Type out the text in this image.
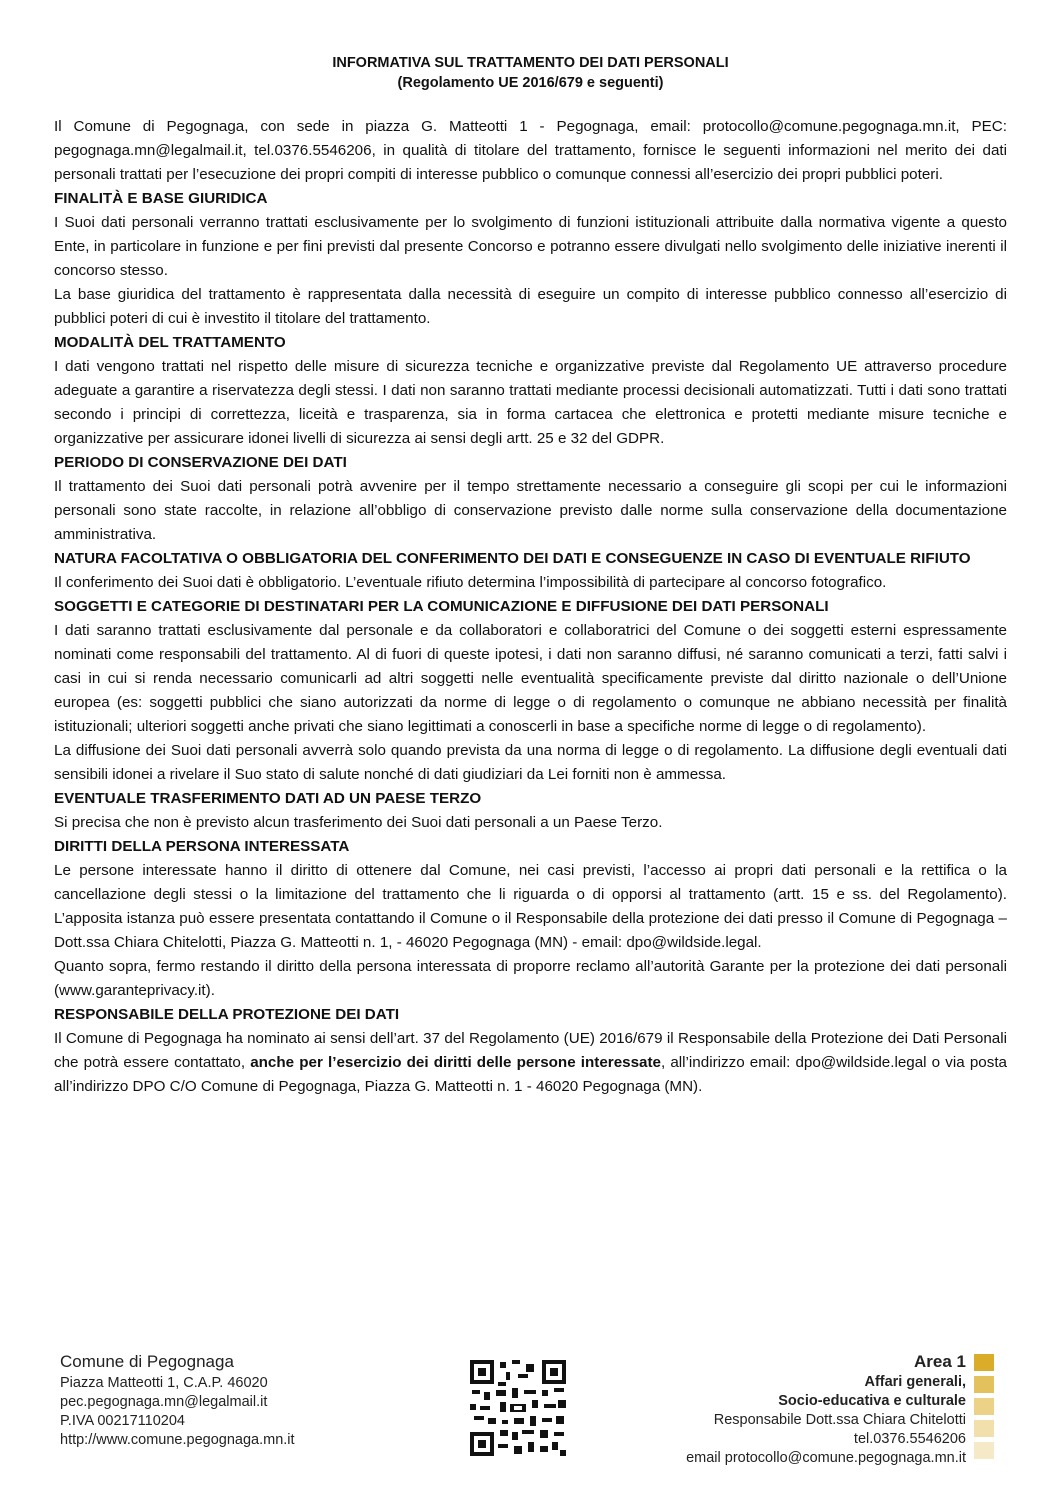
INFORMATIVA SUL TRATTAMENTO DEI DATI PERSONALI
(Regolamento UE 2016/679 e seguenti)

Il Comune di Pegognaga, con sede in piazza G. Matteotti 1 - Pegognaga, email: protocollo@comune.pegognaga.mn.it, PEC: pegognaga.mn@legalmail.it, tel.0376.5546206, in qualità di titolare del trattamento, fornisce le seguenti informazioni nel merito dei dati personali trattati per l’esecuzione dei propri compiti di interesse pubblico o comunque connessi all’esercizio dei propri pubblici poteri.

FINALITÀ E BASE GIURIDICA

I Suoi dati personali verranno trattati esclusivamente per lo svolgimento di funzioni istituzionali attribuite dalla normativa vigente a questo Ente, in particolare in funzione e per fini previsti dal presente Concorso e potranno essere divulgati nello svolgimento delle iniziative inerenti il concorso stesso.

La base giuridica del trattamento è rappresentata dalla necessità di eseguire un compito di interesse pubblico connesso all’esercizio di pubblici poteri di cui è investito il titolare del trattamento.

MODALITÀ DEL TRATTAMENTO

I dati vengono trattati nel rispetto delle misure di sicurezza tecniche e organizzative previste dal Regolamento UE attraverso procedure adeguate a garantire a riservatezza degli stessi. I dati non saranno trattati mediante processi decisionali automatizzati. Tutti i dati sono trattati secondo i principi di correttezza, liceità e trasparenza, sia in forma cartacea che elettronica e protetti mediante misure tecniche e organizzative per assicurare idonei livelli di sicurezza ai sensi degli artt. 25 e 32 del GDPR.

PERIODO DI CONSERVAZIONE DEI DATI

Il trattamento dei Suoi dati personali potrà avvenire per il tempo strettamente necessario a conseguire gli scopi per cui le informazioni personali sono state raccolte, in relazione all’obbligo di conservazione previsto dalle norme sulla conservazione della documentazione amministrativa.

NATURA FACOLTATIVA O OBBLIGATORIA DEL CONFERIMENTO DEI DATI E CONSEGUENZE IN CASO DI EVENTUALE RIFIUTO

Il conferimento dei Suoi dati è obbligatorio. L’eventuale rifiuto determina l’impossibilità di partecipare al concorso fotografico.

SOGGETTI E CATEGORIE DI DESTINATARI PER LA COMUNICAZIONE E DIFFUSIONE DEI DATI PERSONALI

I dati saranno trattati esclusivamente dal personale e da collaboratori e collaboratrici del Comune o dei soggetti esterni espressamente nominati come responsabili del trattamento. Al di fuori di queste ipotesi, i dati non saranno diffusi, né saranno comunicati a terzi, fatti salvi i casi in cui si renda necessario comunicarli ad altri soggetti nelle eventualità specificamente previste dal diritto nazionale o dell’Unione europea (es: soggetti pubblici che siano autorizzati da norme di legge o di regolamento o comunque ne abbiano necessità per finalità istituzionali; ulteriori soggetti anche privati che siano legittimati a conoscerli in base a specifiche norme di legge o di regolamento).

La diffusione dei Suoi dati personali avverrà solo quando prevista da una norma di legge o di regolamento. La diffusione degli eventuali dati sensibili idonei a rivelare il Suo stato di salute nonché di dati giudiziari da Lei forniti non è ammessa.

EVENTUALE TRASFERIMENTO DATI AD UN PAESE TERZO

Si precisa che non è previsto alcun trasferimento dei Suoi dati personali a un Paese Terzo.

DIRITTI DELLA PERSONA INTERESSATA

Le persone interessate hanno il diritto di ottenere dal Comune, nei casi previsti, l’accesso ai propri dati personali e la rettifica o la cancellazione degli stessi o la limitazione del trattamento che li riguarda o di opporsi al trattamento (artt. 15 e ss. del Regolamento). L’apposita istanza può essere presentata contattando il Comune o il Responsabile della protezione dei dati presso il Comune di Pegognaga – Dott.ssa Chiara Chitelotti, Piazza G. Matteotti n. 1, - 46020 Pegognaga (MN) - email: dpo@wildside.legal.

Quanto sopra, fermo restando il diritto della persona interessata di proporre reclamo all’autorità Garante per la protezione dei dati personali (www.garanteprivacy.it).

RESPONSABILE DELLA PROTEZIONE DEI DATI

Il Comune di Pegognaga ha nominato ai sensi dell’art. 37 del Regolamento (UE) 2016/679 il Responsabile della Protezione dei Dati Personali che potrà essere contattato, anche per l’esercizio dei diritti delle persone interessate, all’indirizzo email: dpo@wildside.legal o via posta all’indirizzo DPO C/O Comune di Pegognaga, Piazza G. Matteotti n. 1 - 46020 Pegognaga (MN).

Comune di Pegognaga
Piazza Matteotti 1, C.A.P. 46020
pec.pegognaga.mn@legalmail.it
P.IVA 00217110204
http://www.comune.pegognaga.mn.it
Area 1
Affari generali,
Socio-educativa e culturale
Responsabile Dott.ssa Chiara Chitelotti
tel.0376.5546206
email protocollo@comune.pegognaga.mn.it
